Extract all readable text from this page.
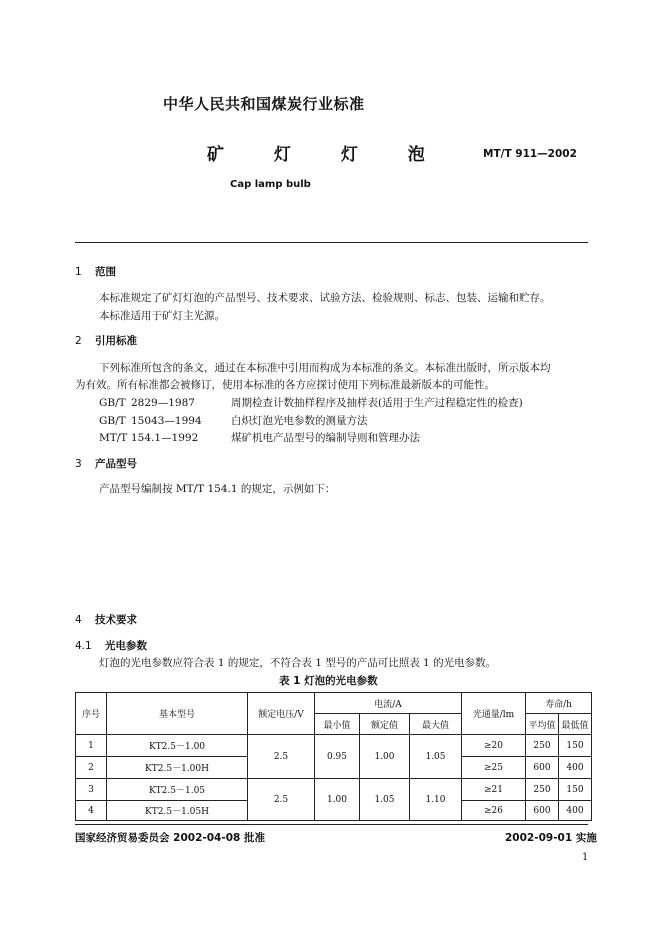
中华人民共和国煤炭行业标准
矿 灯 灯 泡	MT/T 911—2002
Cap lamp bulb
1 范围
本标准规定了矿灯灯泡的产品型号、技术要求、试验方法、检验规则、标志、包装、运输和贮存。
本标准适用于矿灯主光源。
2 引用标准
下列标准所包含的条文，通过在本标准中引用而构成为本标准的条文。本标准出版时，所示版本均
为有效。所有标准都会被修订，使用本标准的各方应探讨使用下列标准最新版本的可能性。
GB/T 2829—1987	周期检查计数抽样程序及抽样表(适用于生产过程稳定性的检查)
GB/T 15043—1994	白炽灯泡光电参数的测量方法
MT/T 154.1—1992	煤矿机电产品型号的编制导则和管理办法
3 产品型号
产品型号编制按 MT/T 154.1 的规定，示例如下：
4 技术要求
4.1 光电参数
灯泡的光电参数应符合表 1 的规定，不符合表 1 型号的产品可比照表 1 的光电参数。
表 1 灯泡的光电参数
序号	基本型号	额定电压/V	电流/A			光通量/lm	寿命/h	
			最小值	额定值	最大值		平均值	最低值
1	KT2.5－1.00	2.5	0.95	1.00	1.05	≥20	250	150
2	KT2.5－1.00H					≥25	600	400
3	KT2.5－1.05	2.5	1.00	1.05	1.10	≥21	250	150
4	KT2.5－1.05H					≥26	600	400
国家经济贸易委员会 2002-04-08 批准	2002-09-01 实施
1
